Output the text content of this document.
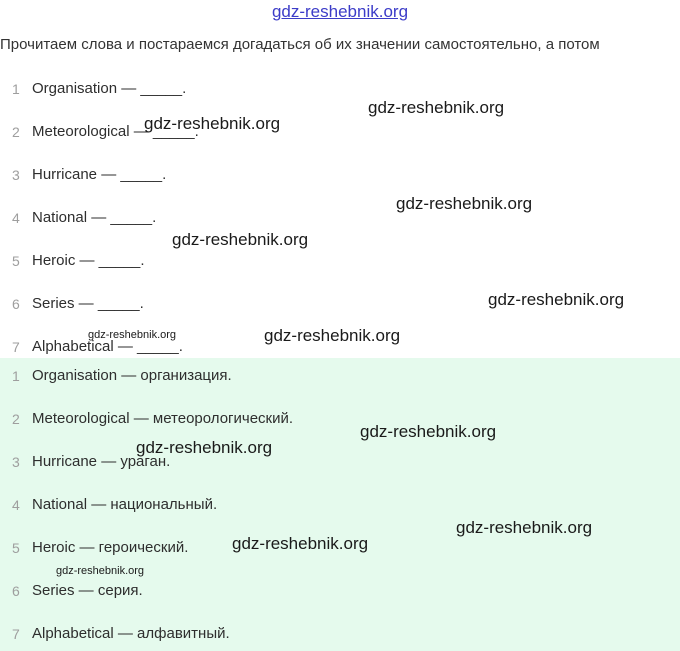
gdz-reshebnik.org
Прочитаем слова и постараемся догадаться об их значении самостоятельно, а потом
1 Organisation — _____.
2 Meteorological — _____.
3 Hurricane — _____.
4 National — _____.
5 Heroic — _____.
6 Series — _____.
7 Alphabetical — _____.
1 Organisation — организация.
2 Meteorological — метеорологический.
3 Hurricane — ураган.
4 National — национальный.
5 Heroic — героический.
6 Series — серия.
7 Alphabetical — алфавитный.
gdz-reshebnik.org
gdz-reshebnik.org
gdz-reshebnik.org
gdz-reshebnik.org
gdz-reshebnik.org
gdz-reshebnik.org	gdz-reshebnik.org
gdz-reshebnik.org
gdz-reshebnik.org
gdz-reshebnik.org
gdz-reshebnik.org
gdz-reshebnik.org
